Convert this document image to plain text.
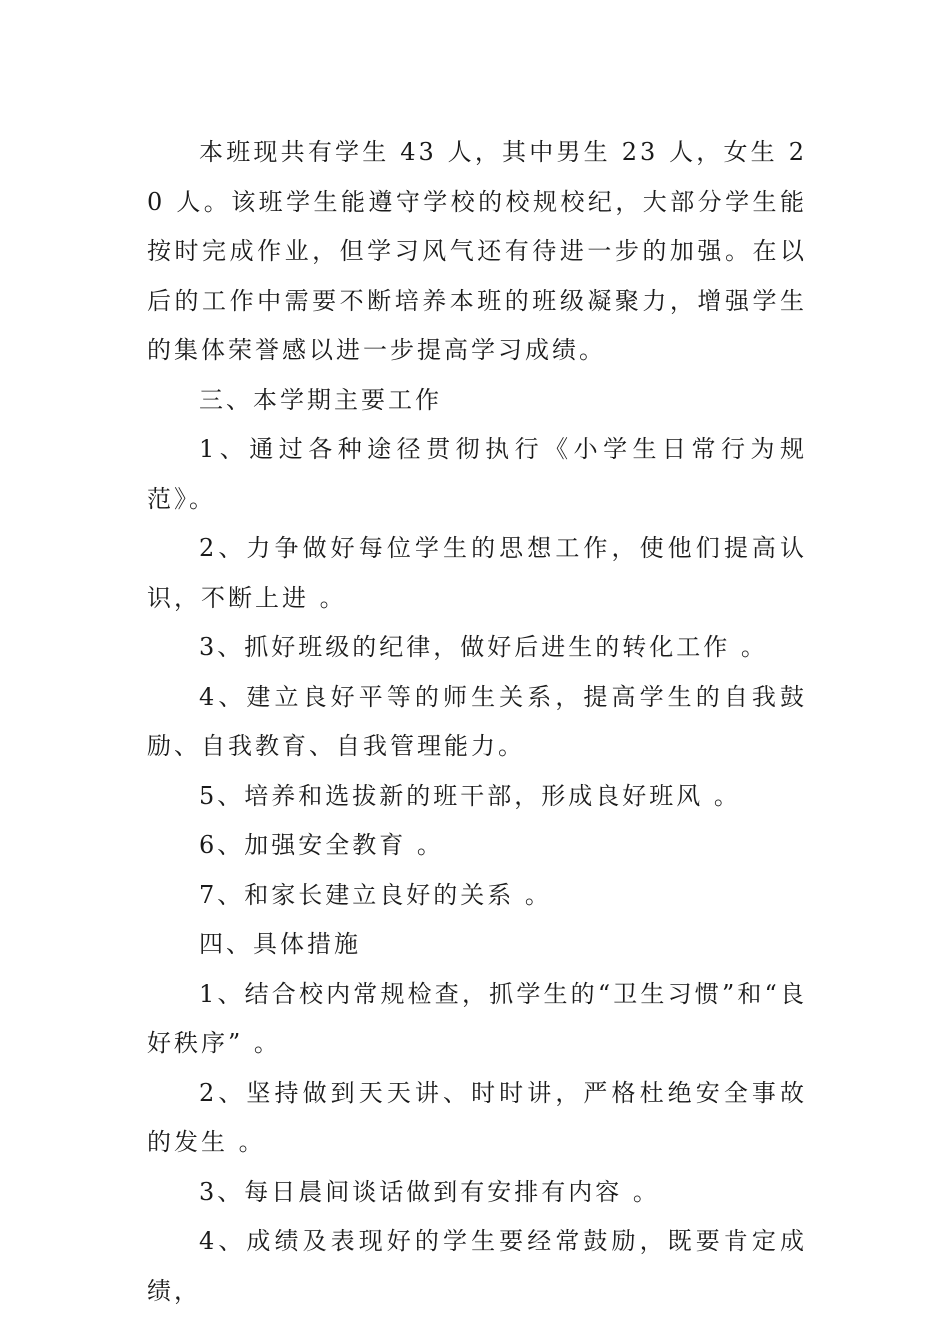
本班现共有学生 43 人，其中男生 23 人，女生 20 人。该班学生能遵守学校的校规校纪，大部分学生能按时完成作业，但学习风气还有待进一步的加强。在以后的工作中需要不断培养本班的班级凝聚力，增强学生的集体荣誉感以进一步提高学习成绩。

三、本学期主要工作

1、通过各种途径贯彻执行《小学生日常行为规范》。

2、力争做好每位学生的思想工作，使他们提高认识，不断上进 。

3、抓好班级的纪律，做好后进生的转化工作 。

4、建立良好平等的师生关系，提高学生的自我鼓励、自我教育、自我管理能力。

5、培养和选拔新的班干部，形成良好班风 。

6、加强安全教育 。

7、和家长建立良好的关系 。

四、具体措施

1、结合校内常规检查，抓学生的“卫生习惯”和“良好秩序” 。

2、坚持做到天天讲、时时讲，严格杜绝安全事故的发生 。

3、每日晨间谈话做到有安排有内容 。

4、成绩及表现好的学生要经常鼓励，既要肯定成绩，
